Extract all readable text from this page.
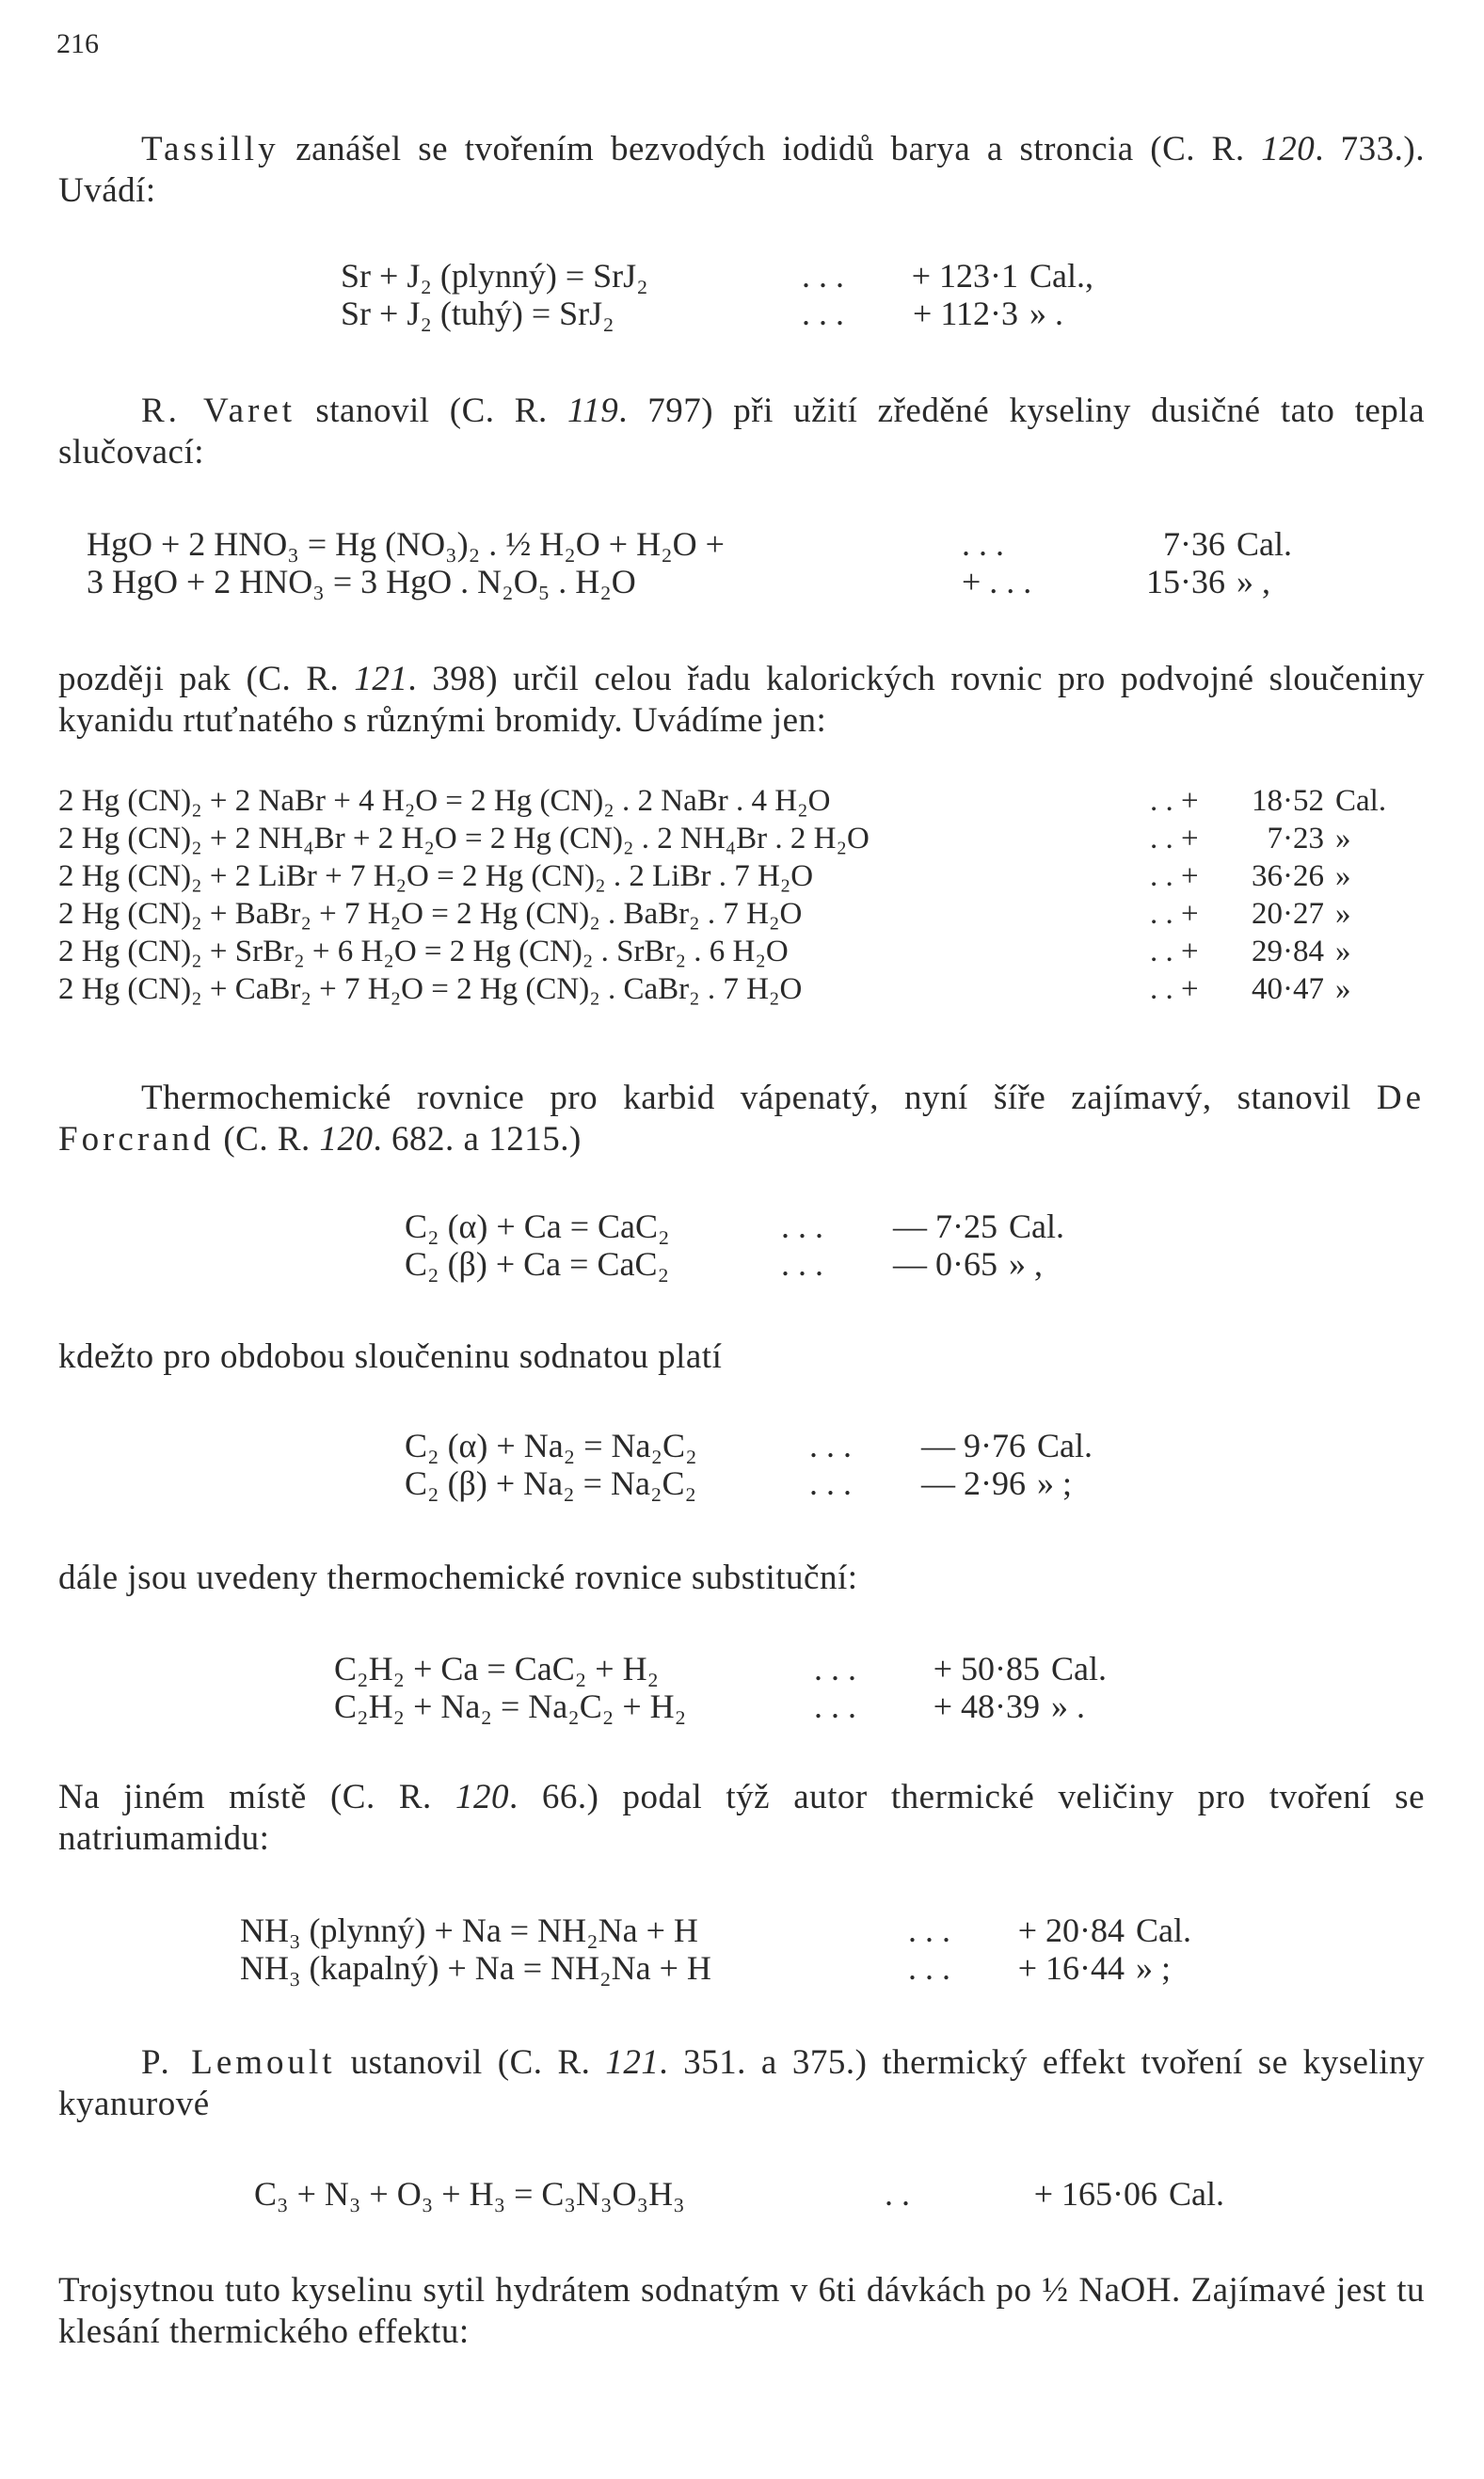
216
Tassilly zanášel se tvořením bezvodých iodidů barya a stroncia (C. R. 120. 733.). Uvádí:
Sr + J₂ (plynný) = SrJ₂	. . .	+ 123·1 Cal.,
Sr + J₂ (tuhý) = SrJ₂	. . .	+ 112·3 » .
R. Varet stanovil (C. R. 119. 797) při užití zředěné kyseliny dusičné tato tepla slučovací:
HgO + 2 HNO₃ = Hg (NO₃)₂ . ½ H₂O + H₂O +	. . .	7·36 Cal.
3 HgO + 2 HNO₃ = 3 HgO . N₂O₅ . H₂O	+ . . .	15·36 » ,
později pak (C. R. 121. 398) určil celou řadu kalorických rovnic pro podvojné sloučeniny kyanidu rtuťnatého s různými bromidy. Uvádíme jen:
2 Hg (CN)₂ + 2 NaBr + 4 H₂O = 2 Hg (CN)₂ . 2 NaBr . 4 H₂O	. . +	18·52 Cal.
2 Hg (CN)₂ + 2 NH₄Br + 2 H₂O = 2 Hg (CN)₂ . 2 NH₄Br . 2 H₂O	. . +	7·23 »
2 Hg (CN)₂ + 2 LiBr + 7 H₂O = 2 Hg (CN)₂ . 2 LiBr . 7 H₂O	. . +	36·26 »
2 Hg (CN)₂ + BaBr₂ + 7 H₂O = 2 Hg (CN)₂ . BaBr₂ . 7 H₂O	. . +	20·27 »
2 Hg (CN)₂ + SrBr₂ + 6 H₂O = 2 Hg (CN)₂ . SrBr₂ . 6 H₂O	. . +	29·84 »
2 Hg (CN)₂ + CaBr₂ + 7 H₂O = 2 Hg (CN)₂ . CaBr₂ . 7 H₂O	. . +	40·47 »
Thermochemické rovnice pro karbid vápenatý, nyní šíře zajímavý, stanovil De Forcrand (C. R. 120. 682. a 1215.)
C₂ (α) + Ca = CaC₂	. . .	— 7·25 Cal.
C₂ (β) + Ca = CaC₂	. . .	— 0·65 » ,
kdežto pro obdobou sloučeninu sodnatou platí
C₂ (α) + Na₂ = Na₂C₂	. . .	— 9·76 Cal.
C₂ (β) + Na₂ = Na₂C₂	. . .	— 2·96 » ;
dále jsou uvedeny thermochemické rovnice substituční:
C₂H₂ + Ca = CaC₂ + H₂	. . .	+ 50·85 Cal.
C₂H₂ + Na₂ = Na₂C₂ + H₂	. . .	+ 48·39 » .
Na jiném místě (C. R. 120. 66.) podal týž autor thermické veličiny pro tvoření se natriumamidu:
NH₃ (plynný) + Na = NH₂Na + H	. . .	+ 20·84 Cal.
NH₃ (kapalný) + Na = NH₂Na + H	. . .	+ 16·44 » ;
P. Lemoult ustanovil (C. R. 121. 351. a 375.) thermický effekt tvoření se kyseliny kyanurové
C₃ + N₃ + O₃ + H₃ = C₃N₃O₃H₃	. .	+ 165·06 Cal.
Trojsytnou tuto kyselinu sytil hydrátem sodnatým v 6ti dávkách po ½ NaOH. Zajímavé jest tu klesání thermického effektu:
